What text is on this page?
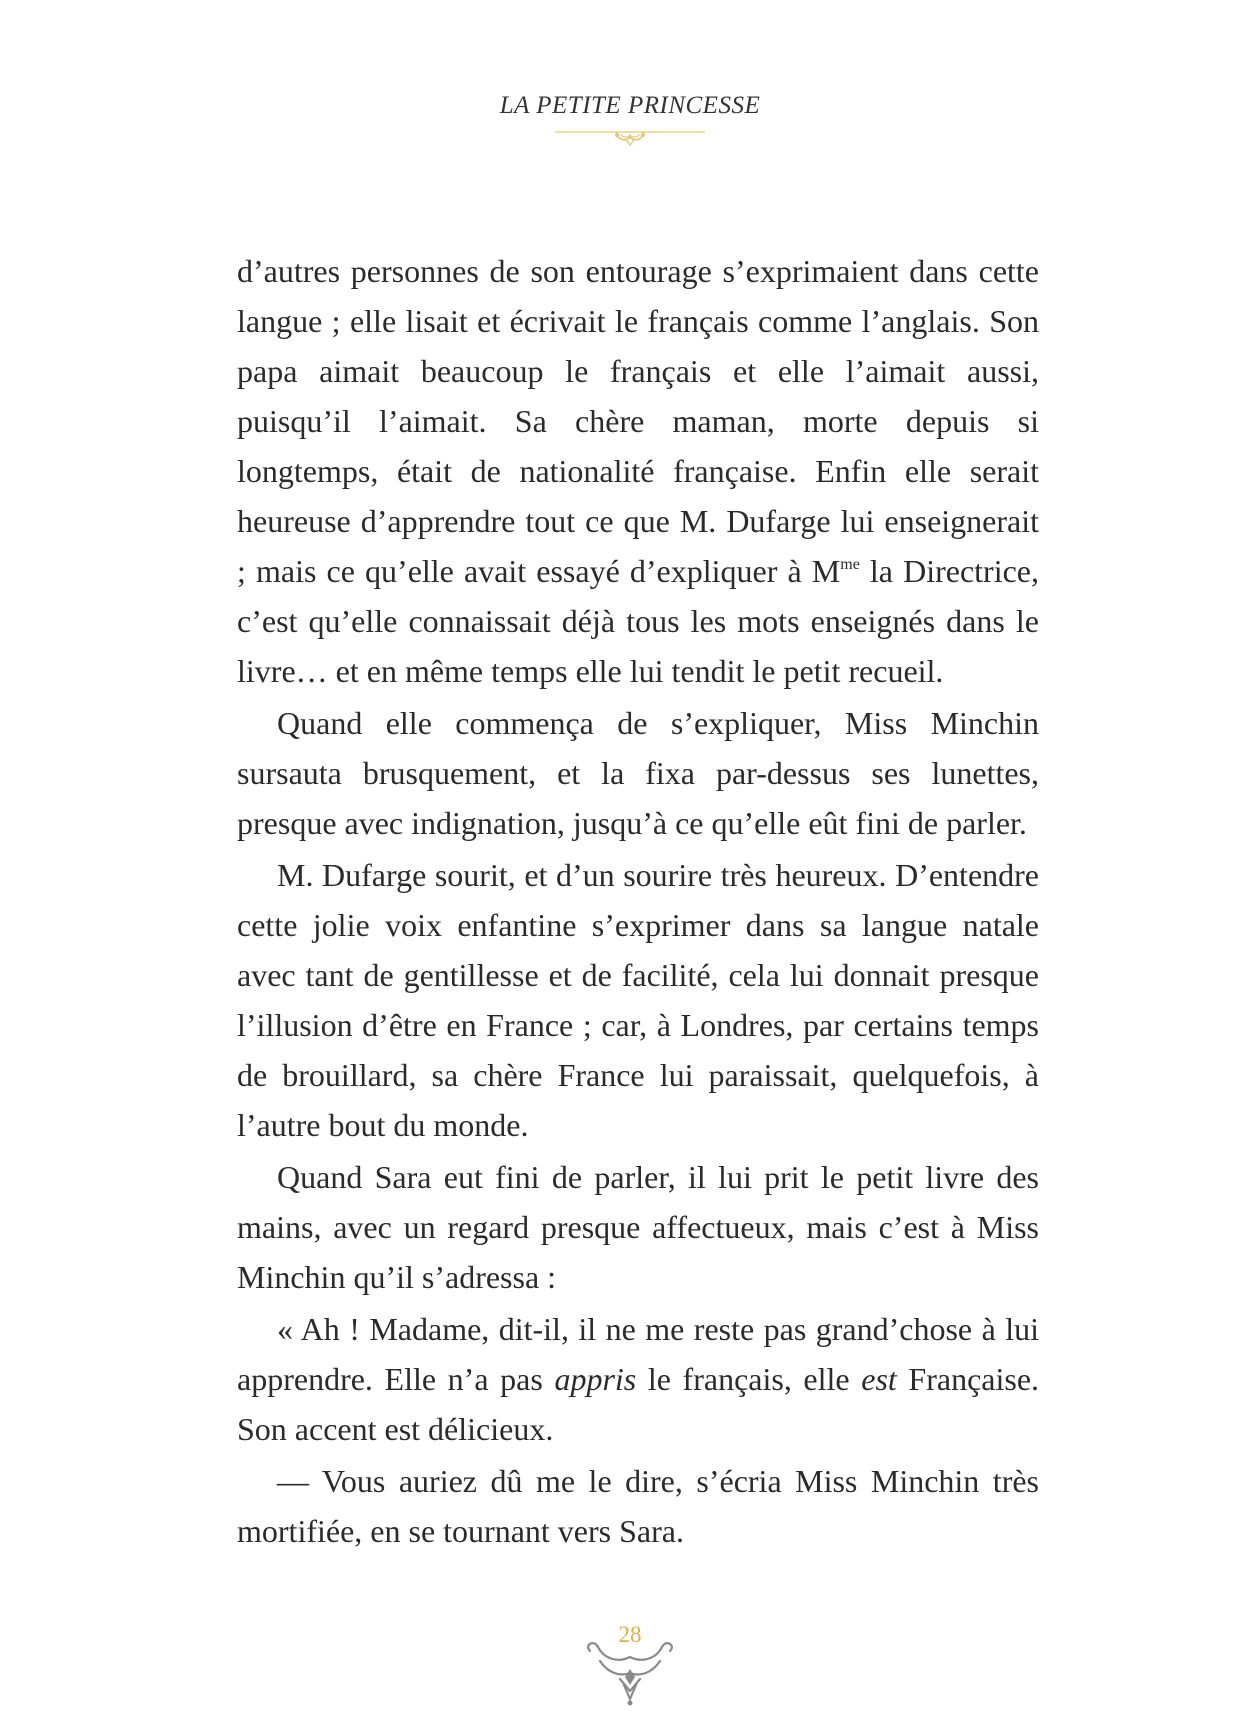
LA PETITE PRINCESSE

d’autres personnes de son entourage s’exprimaient dans cette langue ; elle lisait et écrivait le français comme l’anglais. Son papa aimait beaucoup le français et elle l’aimait aussi, puisqu’il l’aimait. Sa chère maman, morte depuis si longtemps, était de nationalité française. Enfin elle serait heureuse d’apprendre tout ce que M. Dufarge lui enseignerait ; mais ce qu’elle avait essayé d’expliquer à $M^{me}$ la Directrice, c’est qu’elle connaissait déjà tous les mots enseignés dans le livre… et en même temps elle lui tendit le petit recueil.

Quand elle commença de s’expliquer, Miss Minchin sursauta brusquement, et la fixa par-dessus ses lunettes, presque avec indignation, jusqu’à ce qu’elle eût fini de parler.

M. Dufarge sourit, et d’un sourire très heureux. D’entendre cette jolie voix enfantine s’exprimer dans sa langue natale avec tant de gentillesse et de facilité, cela lui donnait presque l’illusion d’être en France ; car, à Londres, par certains temps de brouillard, sa chère France lui paraissait, quelquefois, à l’autre bout du monde.

Quand Sara eut fini de parler, il lui prit le petit livre des mains, avec un regard presque affectueux, mais c’est à Miss Minchin qu’il s’adressa :

« Ah ! Madame, dit-il, il ne me reste pas grand’chose à lui apprendre. Elle n’a pas appris le français, elle est Française. Son accent est délicieux.

— Vous auriez dû me le dire, s’écria Miss Minchin très mortifiée, en se tournant vers Sara.

28
